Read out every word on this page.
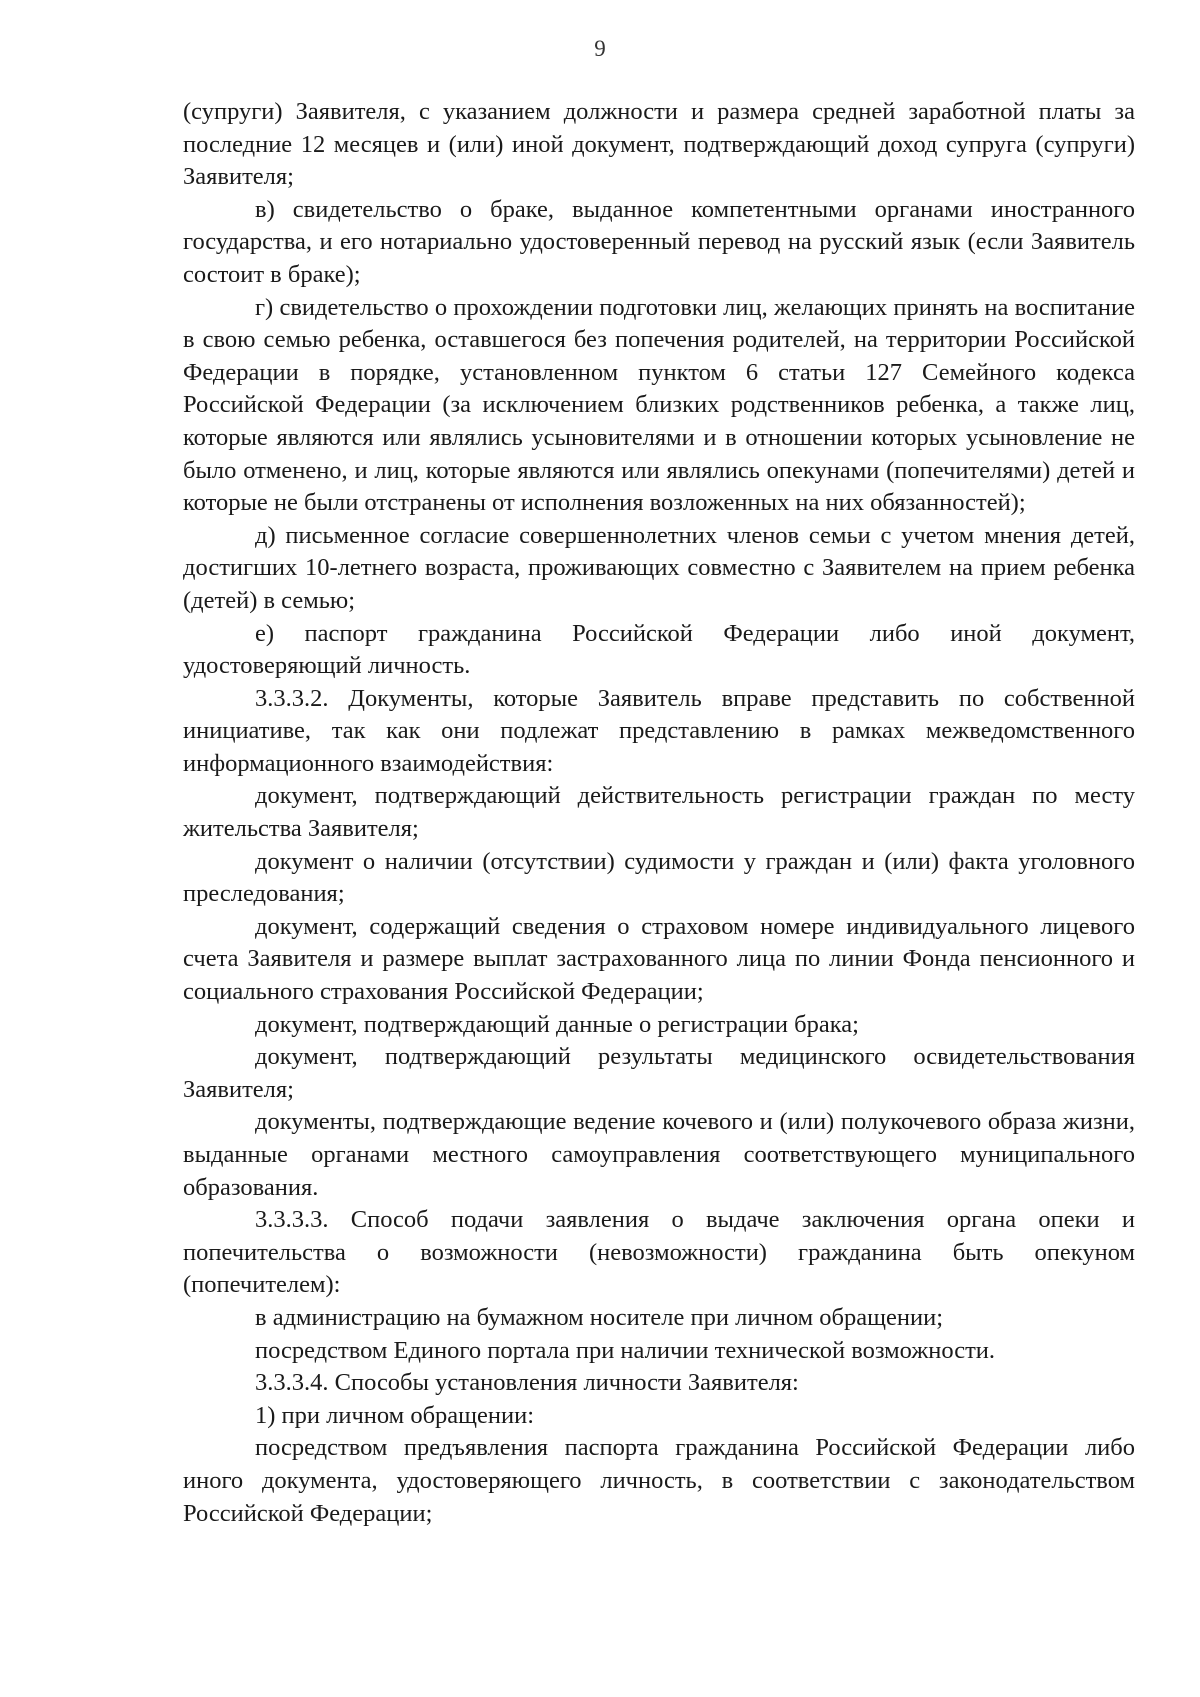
9

(супруги) Заявителя, с указанием должности и размера средней заработной платы за последние 12 месяцев и (или) иной документ, подтверждающий доход супруга (супруги) Заявителя;

в) свидетельство о браке, выданное компетентными органами иностранного государства, и его нотариально удостоверенный перевод на русский язык (если Заявитель состоит в браке);

г) свидетельство о прохождении подготовки лиц, желающих принять на воспитание в свою семью ребенка, оставшегося без попечения родителей, на территории Российской Федерации в порядке, установленном пунктом 6 статьи 127 Семейного кодекса Российской Федерации (за исключением близких родственников ребенка, а также лиц, которые являются или являлись усыновителями и в отношении которых усыновление не было отменено, и лиц, которые являются или являлись опекунами (попечителями) детей и которые не были отстранены от исполнения возложенных на них обязанностей);

д) письменное согласие совершеннолетних членов семьи с учетом мнения детей, достигших 10-летнего возраста, проживающих совместно с Заявителем на прием ребенка (детей) в семью;

е) паспорт гражданина Российской Федерации либо иной документ, удостоверяющий личность.

3.3.3.2. Документы, которые Заявитель вправе представить по собственной инициативе, так как они подлежат представлению в рамках межведомственного информационного взаимодействия:

документ, подтверждающий действительность регистрации граждан по месту жительства Заявителя;

документ о наличии (отсутствии) судимости у граждан и (или) факта уголовного преследования;

документ, содержащий сведения о страховом номере индивидуального лицевого счета Заявителя и размере выплат застрахованного лица по линии Фонда пенсионного и социального страхования Российской Федерации;

документ, подтверждающий данные о регистрации брака;

документ, подтверждающий результаты медицинского освидетельствования Заявителя;

документы, подтверждающие ведение кочевого и (или) полукочевого образа жизни, выданные органами местного самоуправления соответствующего муниципального образования.

3.3.3.3. Способ подачи заявления о выдаче заключения органа опеки и попечительства о возможности (невозможности) гражданина быть опекуном (попечителем):

в администрацию на бумажном носителе при личном обращении;

посредством Единого портала при наличии технической возможности.

3.3.3.4. Способы установления личности Заявителя:

1) при личном обращении:

посредством предъявления паспорта гражданина Российской Федерации либо иного документа, удостоверяющего личность, в соответствии с законодательством Российской Федерации;
